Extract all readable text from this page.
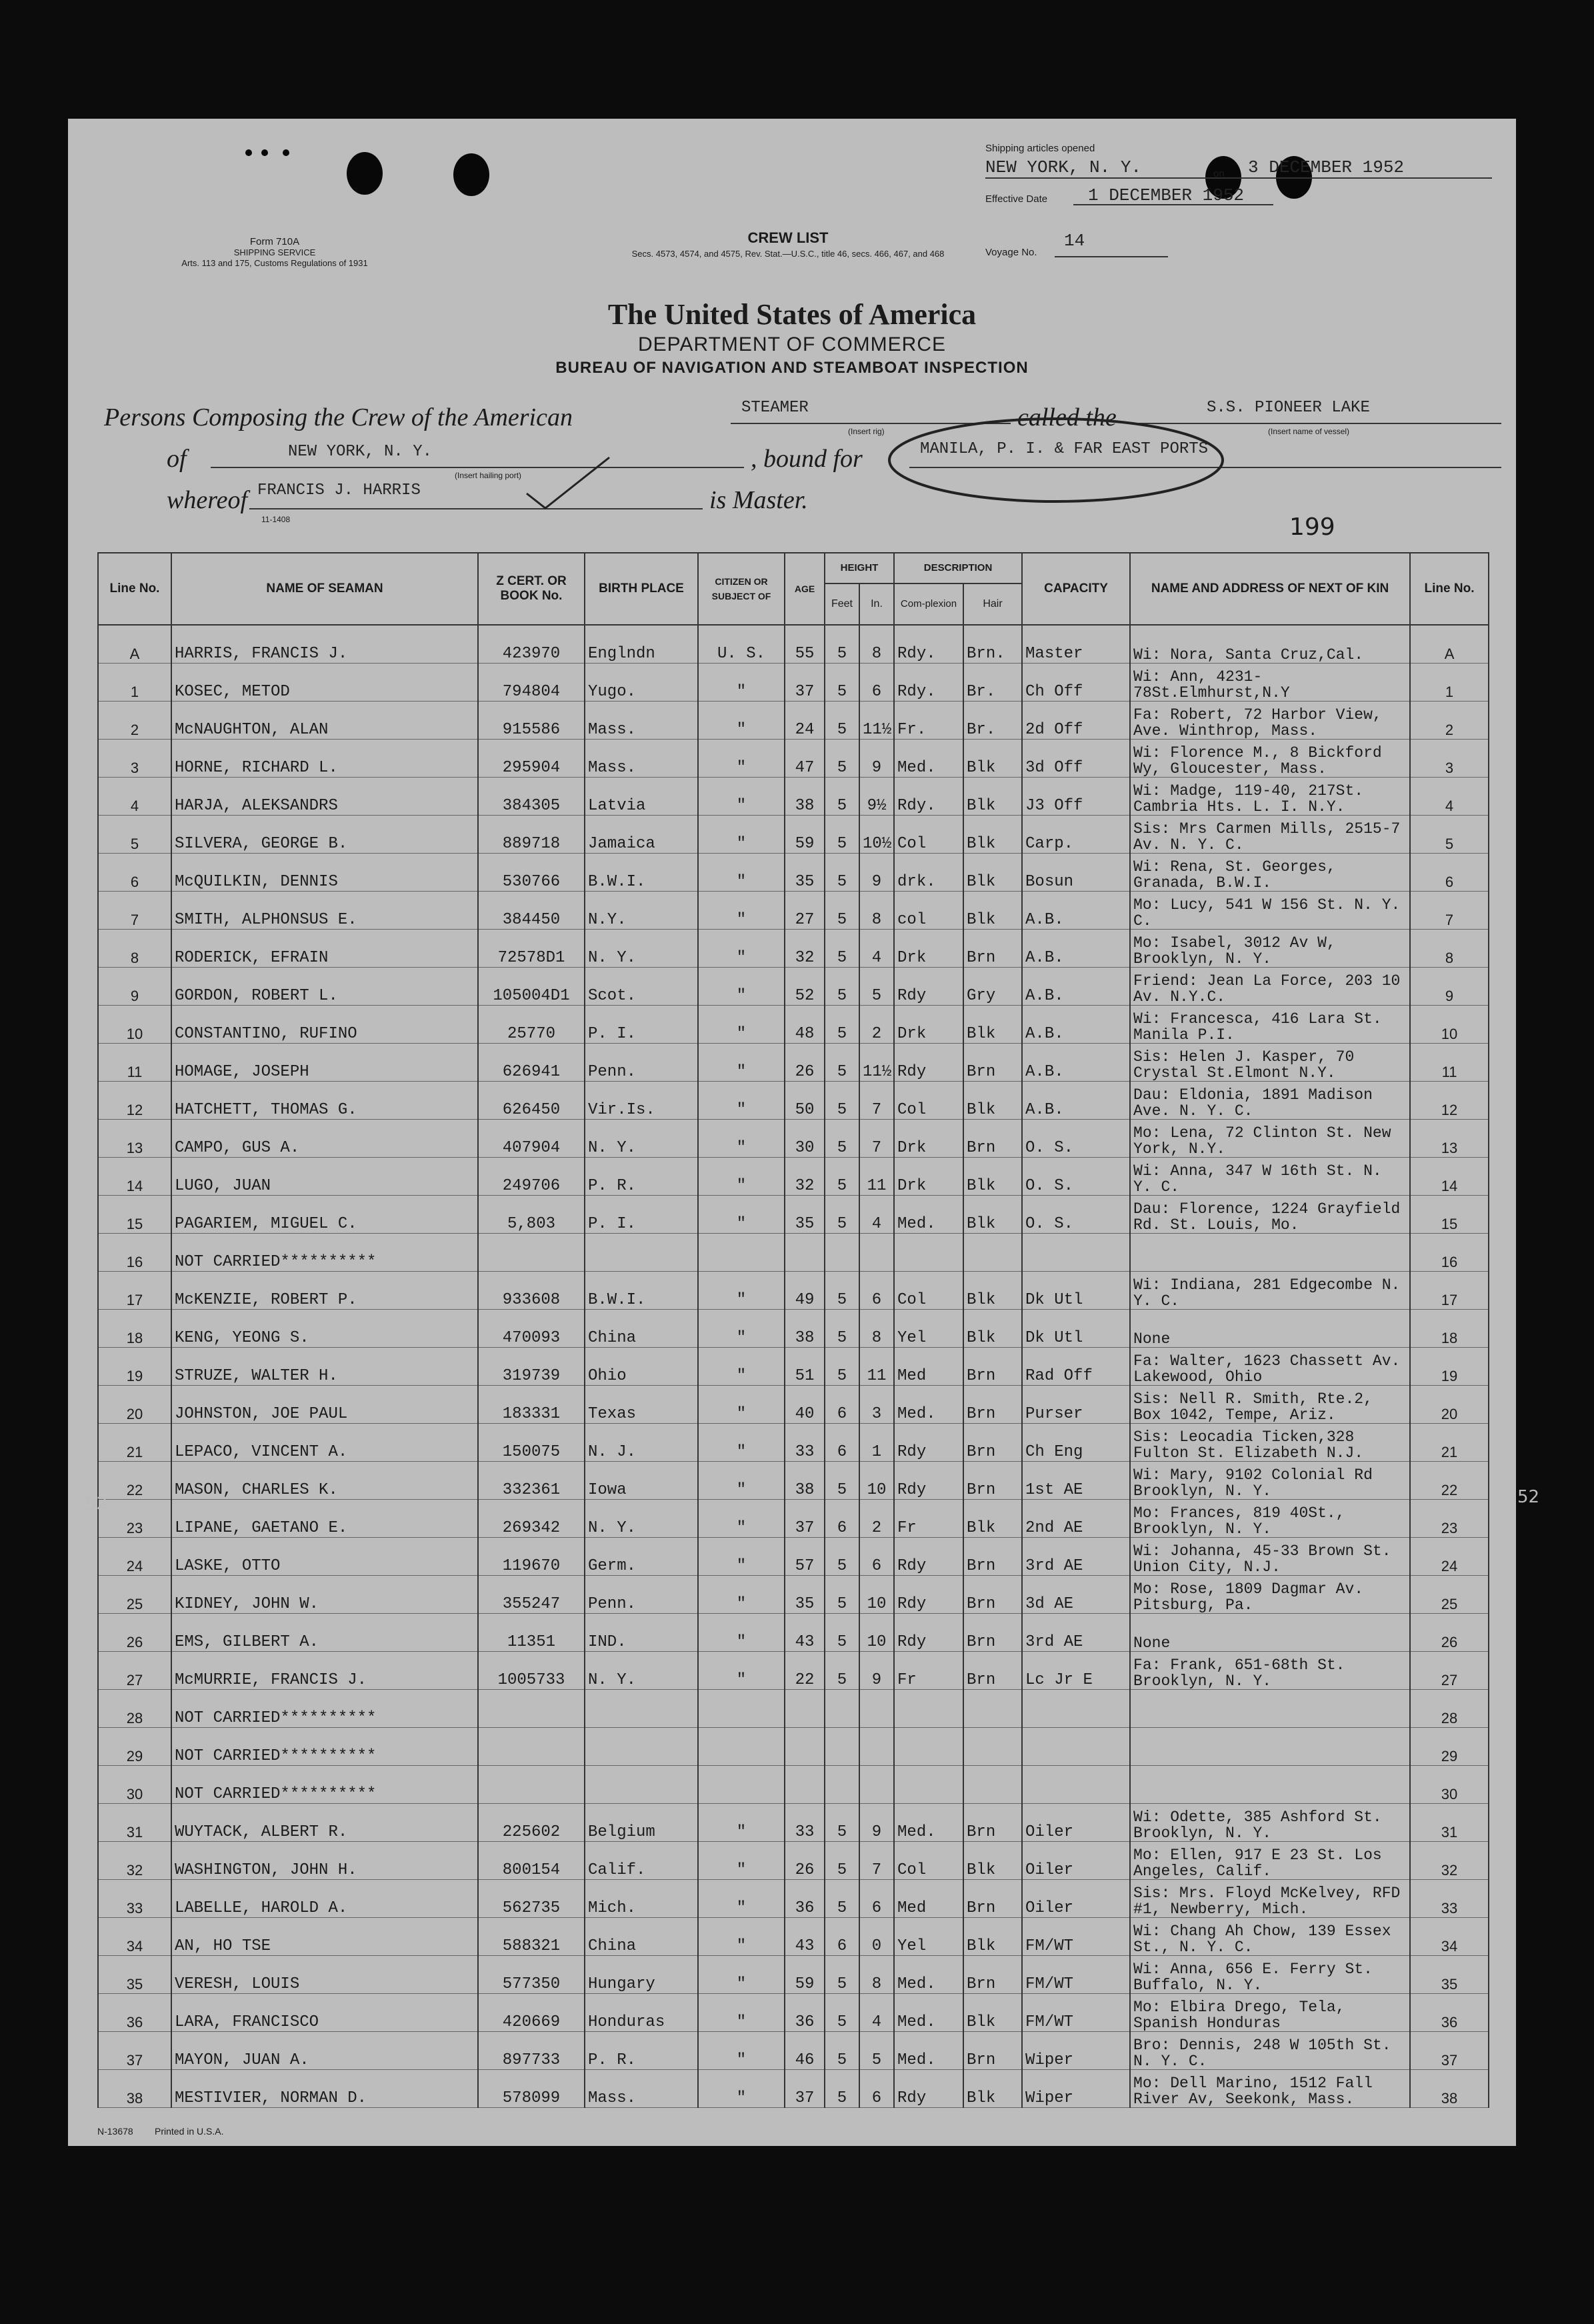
Shipping articles opened
NEW YORK, N. Y.	on 3 DECEMBER 1952
Effective Date 1 DECEMBER 1952
Voyage No.
14
Form 710A
SHIPPING SERVICE
Arts. 113 and 175, Customs Regulations of 1931
CREW LIST
Secs. 4573, 4574, and 4575, Rev. Stat.—U.S.C., title 46, secs. 466, 467, and 468
The United States of America
DEPARTMENT OF COMMERCE
BUREAU OF NAVIGATION AND STEAMBOAT INSPECTION
Persons Composing the Crew of the American	STEAMER
(Insert rig)	called the	S.S. PIONEER LAKE
(Insert name of vessel)
of	NEW YORK, N. Y.
(Insert hailing port)
, bound for	MANILA, P. I. & FAR EAST PORTS
whereof FRANCIS J. HARRIS	is Master.
11-1408	199
Line No.	NAME OF SEAMAN	Z CERT. OR BOOK No.	BIRTH PLACE	CITIZEN OR SUBJECT OF	AGE	HEIGHT		DESCRIPTION		CAPACITY	NAME AND ADDRESS OF NEXT OF KIN	Line No.
						Feet	In.	Com-plexion	Hair			
A	HARRIS, FRANCIS J.	423970	Englndn	U. S.	55	5	8	Rdy.	Brn.	Master	Wi: Nora, Santa Cruz,Cal.	A
1	KOSEC, METOD	794804	Yugo.	"	37	5	6	Rdy.	Br.	Ch Off	Wi: Ann, 4231-78St.Elmhurst,N.Y	1
2	McNAUGHTON, ALAN	915586	Mass.	"	24	5	11½	Fr.	Br.	2d Off	Fa: Robert, 72 Harbor View, Ave. Winthrop, Mass.	2
3	HORNE, RICHARD L.	295904	Mass.	"	47	5	9	Med.	Blk	3d Off	Wi: Florence M., 8 Bickford Wy, Gloucester, Mass.	3
4	HARJA, ALEKSANDRS	384305	Latvia	"	38	5	9½	Rdy.	Blk	J3 Off	Wi: Madge, 119-40, 217St. Cambria Hts. L. I. N.Y.	4
5	SILVERA, GEORGE B.	889718	Jamaica	"	59	5	10½	Col	Blk	Carp.	Sis: Mrs Carmen Mills, 2515-7 Av. N. Y. C.	5
6	McQUILKIN, DENNIS	530766	B.W.I.	"	35	5	9	drk.	Blk	Bosun	Wi: Rena, St. Georges, Granada, B.W.I.	6
7	SMITH, ALPHONSUS E.	384450	N.Y.	"	27	5	8	col	Blk	A.B.	Mo: Lucy, 541 W 156 St. N. Y. C.	7
8	RODERICK, EFRAIN	72578D1	N. Y.	"	32	5	4	Drk	Brn	A.B.	Mo: Isabel, 3012 Av W, Brooklyn, N. Y.	8
9	GORDON, ROBERT L.	105004D1	Scot.	"	52	5	5	Rdy	Gry	A.B.	Friend: Jean La Force, 203 10 Av. N.Y.C.	9
10	CONSTANTINO, RUFINO	25770	P. I.	"	48	5	2	Drk	Blk	A.B.	Wi: Francesca, 416 Lara St. Manila P.I.	10
11	HOMAGE, JOSEPH	626941	Penn.	"	26	5	11½	Rdy	Brn	A.B.	Sis: Helen J. Kasper, 70 Crystal St.Elmont N.Y.	11
12	HATCHETT, THOMAS G.	626450	Vir.Is.	"	50	5	7	Col	Blk	A.B.	Dau: Eldonia, 1891 Madison Ave. N. Y. C.	12
13	CAMPO, GUS A.	407904	N. Y.	"	30	5	7	Drk	Brn	O. S.	Mo: Lena, 72 Clinton St. New York, N.Y.	13
14	LUGO, JUAN	249706	P. R.	"	32	5	11	Drk	Blk	O. S.	Wi: Anna, 347 W 16th St. N. Y. C.	14
15	PAGARIEM, MIGUEL C.	5,803	P. I.	"	35	5	4	Med.	Blk	O. S.	Dau: Florence, 1224 Grayfield Rd. St. Louis, Mo.	15
16	NOT CARRIED**********											16
17	McKENZIE, ROBERT P.	933608	B.W.I.	"	49	5	6	Col	Blk	Dk Utl	Wi: Indiana, 281 Edgecombe N. Y. C.	17
18	KENG, YEONG S.	470093	China	"	38	5	8	Yel	Blk	Dk Utl	None	18
19	STRUZE, WALTER H.	319739	Ohio	"	51	5	11	Med	Brn	Rad Off	Fa: Walter, 1623 Chassett Av. Lakewood, Ohio	19
20	JOHNSTON, JOE PAUL	183331	Texas	"	40	6	3	Med.	Brn	Purser	Sis: Nell R. Smith, Rte.2, Box 1042, Tempe, Ariz.	20
21	LEPACO, VINCENT A.	150075	N. J.	"	33	6	1	Rdy	Brn	Ch Eng	Sis: Leocadia Ticken,328 Fulton St. Elizabeth N.J.	21
22	MASON, CHARLES K.	332361	Iowa	"	38	5	10	Rdy	Brn	1st AE	Wi: Mary, 9102 Colonial Rd Brooklyn, N. Y.	22
23	LIPANE, GAETANO E.	269342	N. Y.	"	37	6	2	Fr	Blk	2nd AE	Mo: Frances, 819 40St., Brooklyn, N. Y.	23
24	LASKE, OTTO	119670	Germ.	"	57	5	6	Rdy	Brn	3rd AE	Wi: Johanna, 45-33 Brown St. Union City, N.J.	24
25	KIDNEY, JOHN W.	355247	Penn.	"	35	5	10	Rdy	Brn	3d AE	Mo: Rose, 1809 Dagmar Av. Pitsburg, Pa.	25
26	EMS, GILBERT A.	11351	IND.	"	43	5	10	Rdy	Brn	3rd AE	None	26
27	McMURRIE, FRANCIS J.	1005733	N. Y.	"	22	5	9	Fr	Brn	Lc Jr E	Fa: Frank, 651-68th St. Brooklyn, N. Y.	27
28	NOT CARRIED**********											28
29	NOT CARRIED**********											29
30	NOT CARRIED**********											30
31	WUYTACK, ALBERT R.	225602	Belgium	"	33	5	9	Med.	Brn	Oiler	Wi: Odette, 385 Ashford St. Brooklyn, N. Y.	31
32	WASHINGTON, JOHN H.	800154	Calif.	"	26	5	7	Col	Blk	Oiler	Mo: Ellen, 917 E 23 St. Los Angeles, Calif.	32
33	LABELLE, HAROLD A.	562735	Mich.	"	36	5	6	Med	Brn	Oiler	Sis: Mrs. Floyd McKelvey, RFD #1, Newberry, Mich.	33
34	AN, HO TSE	588321	China	"	43	6	0	Yel	Blk	FM/WT	Wi: Chang Ah Chow, 139 Essex St., N. Y. C.	34
35	VERESH, LOUIS	577350	Hungary	"	59	5	8	Med.	Brn	FM/WT	Wi: Anna, 656 E. Ferry St. Buffalo, N. Y.	35
36	LARA, FRANCISCO	420669	Honduras	"	36	5	4	Med.	Blk	FM/WT	Mo: Elbira Drego, Tela, Spanish Honduras	36
37	MAYON, JUAN A.	897733	P. R.	"	46	5	5	Med.	Brn	Wiper	Bro: Dennis, 248 W 105th St. N. Y. C.	37
38	MESTIVIER, NORMAN D.	578099	Mass.	"	37	5	6	Rdy	Blk	Wiper	Mo: Dell Marino, 1512 Fall River Av, Seekonk, Mass.	38
N-13678 Printed in U.S.A.
52	52
